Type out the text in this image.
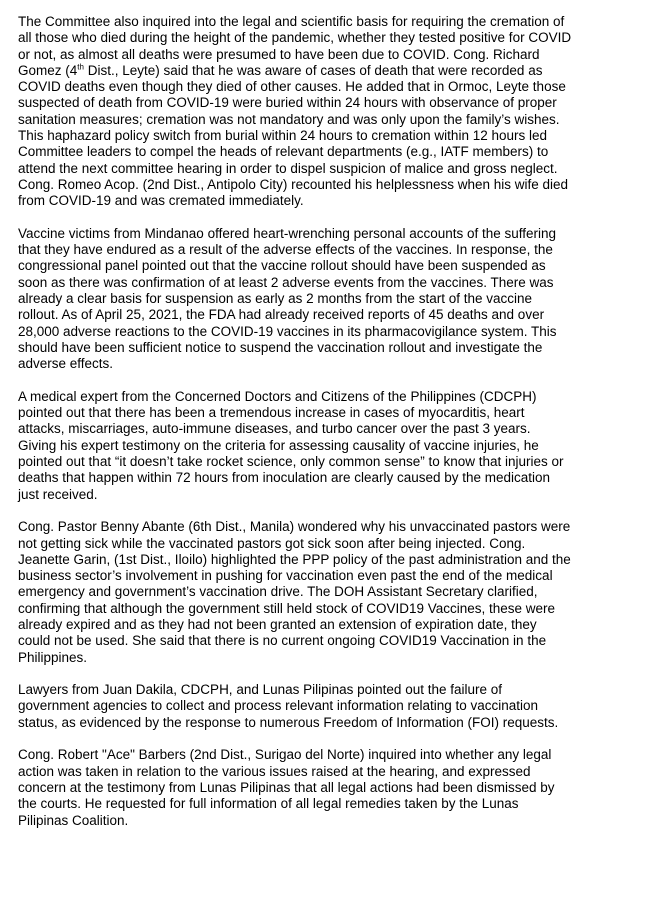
The Committee also inquired into the legal and scientific basis for requiring the cremation of
all those who died during the height of the pandemic, whether they tested positive for COVID
or not, as almost all deaths were presumed to have been due to COVID. Cong. Richard
Gomez (4th Dist., Leyte) said that he was aware of cases of death that were recorded as
COVID deaths even though they died of other causes. He added that in Ormoc, Leyte those
suspected of death from COVID-19 were buried within 24 hours with observance of proper
sanitation measures; cremation was not mandatory and was only upon the family’s wishes.
This haphazard policy switch from burial within 24 hours to cremation within 12 hours led
Committee leaders to compel the heads of relevant departments (e.g., IATF members) to
attend the next committee hearing in order to dispel suspicion of malice and gross neglect.
Cong. Romeo Acop. (2nd Dist., Antipolo City) recounted his helplessness when his wife died
from COVID-19 and was cremated immediately.

Vaccine victims from Mindanao offered heart-wrenching personal accounts of the suffering
that they have endured as a result of the adverse effects of the vaccines. In response, the
congressional panel pointed out that the vaccine rollout should have been suspended as
soon as there was confirmation of at least 2 adverse events from the vaccines. There was
already a clear basis for suspension as early as 2 months from the start of the vaccine
rollout. As of April 25, 2021, the FDA had already received reports of 45 deaths and over
28,000 adverse reactions to the COVID-19 vaccines in its pharmacovigilance system. This
should have been sufficient notice to suspend the vaccination rollout and investigate the
adverse effects.

A medical expert from the Concerned Doctors and Citizens of the Philippines (CDCPH)
pointed out that there has been a tremendous increase in cases of myocarditis, heart
attacks, miscarriages, auto-immune diseases, and turbo cancer over the past 3 years.
Giving his expert testimony on the criteria for assessing causality of vaccine injuries, he
pointed out that “it doesn’t take rocket science, only common sense” to know that injuries or
deaths that happen within 72 hours from inoculation are clearly caused by the medication
just received.

Cong. Pastor Benny Abante (6th Dist., Manila) wondered why his unvaccinated pastors were
not getting sick while the vaccinated pastors got sick soon after being injected. Cong.
Jeanette Garin, (1st Dist., Iloilo) highlighted the PPP policy of the past administration and the
business sector’s involvement in pushing for vaccination even past the end of the medical
emergency and government’s vaccination drive. The DOH Assistant Secretary clarified,
confirming that although the government still held stock of COVID19 Vaccines, these were
already expired and as they had not been granted an extension of expiration date, they
could not be used. She said that there is no current ongoing COVID19 Vaccination in the
Philippines.

Lawyers from Juan Dakila, CDCPH, and Lunas Pilipinas pointed out the failure of
government agencies to collect and process relevant information relating to vaccination
status, as evidenced by the response to numerous Freedom of Information (FOI) requests.

Cong. Robert "Ace" Barbers (2nd Dist., Surigao del Norte) inquired into whether any legal
action was taken in relation to the various issues raised at the hearing, and expressed
concern at the testimony from Lunas Pilipinas that all legal actions had been dismissed by
the courts. He requested for full information of all legal remedies taken by the Lunas
Pilipinas Coalition.
